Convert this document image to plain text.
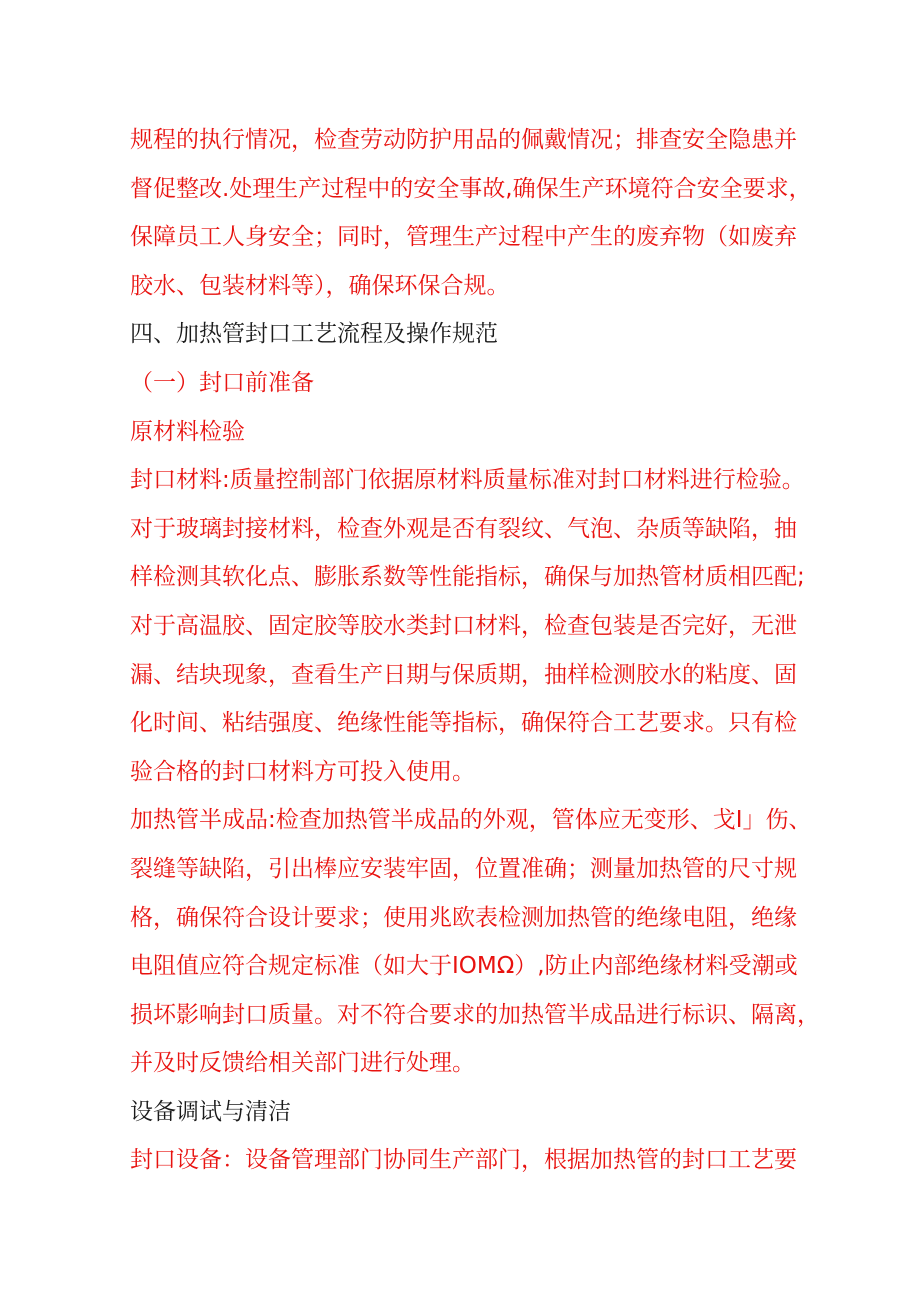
规程的执行情况，检查劳动防护用品的佩戴情况；排查安全隐患并
督促整改.处理生产过程中的安全事故,确保生产环境符合安全要求，
保障员工人身安全；同时，管理生产过程中产生的废弃物（如废弃
胶水、包装材料等），确保环保合规。
四、加热管封口工艺流程及操作规范
（一）封口前准备
原材料检验
封口材料:质量控制部门依据原材料质量标准对封口材料进行检验。
对于玻璃封接材料，检查外观是否有裂纹、气泡、杂质等缺陷，抽
样检测其软化点、膨胀系数等性能指标，确保与加热管材质相匹配;
对于高温胶、固定胶等胶水类封口材料，检查包装是否完好，无泄
漏、结块现象，查看生产日期与保质期，抽样检测胶水的粘度、固
化时间、粘结强度、绝缘性能等指标，确保符合工艺要求。只有检
验合格的封口材料方可投入使用。
加热管半成品:检查加热管半成品的外观，管体应无变形、戈I」伤、
裂缝等缺陷，引出棒应安装牢固，位置准确；测量加热管的尺寸规
格，确保符合设计要求；使用兆欧表检测加热管的绝缘电阻，绝缘
电阻值应符合规定标准（如大于IOMΩ）,防止内部绝缘材料受潮或
损坏影响封口质量。对不符合要求的加热管半成品进行标识、隔离，
并及时反馈给相关部门进行处理。
设备调试与清洁
封口设备：设备管理部门协同生产部门，根据加热管的封口工艺要
